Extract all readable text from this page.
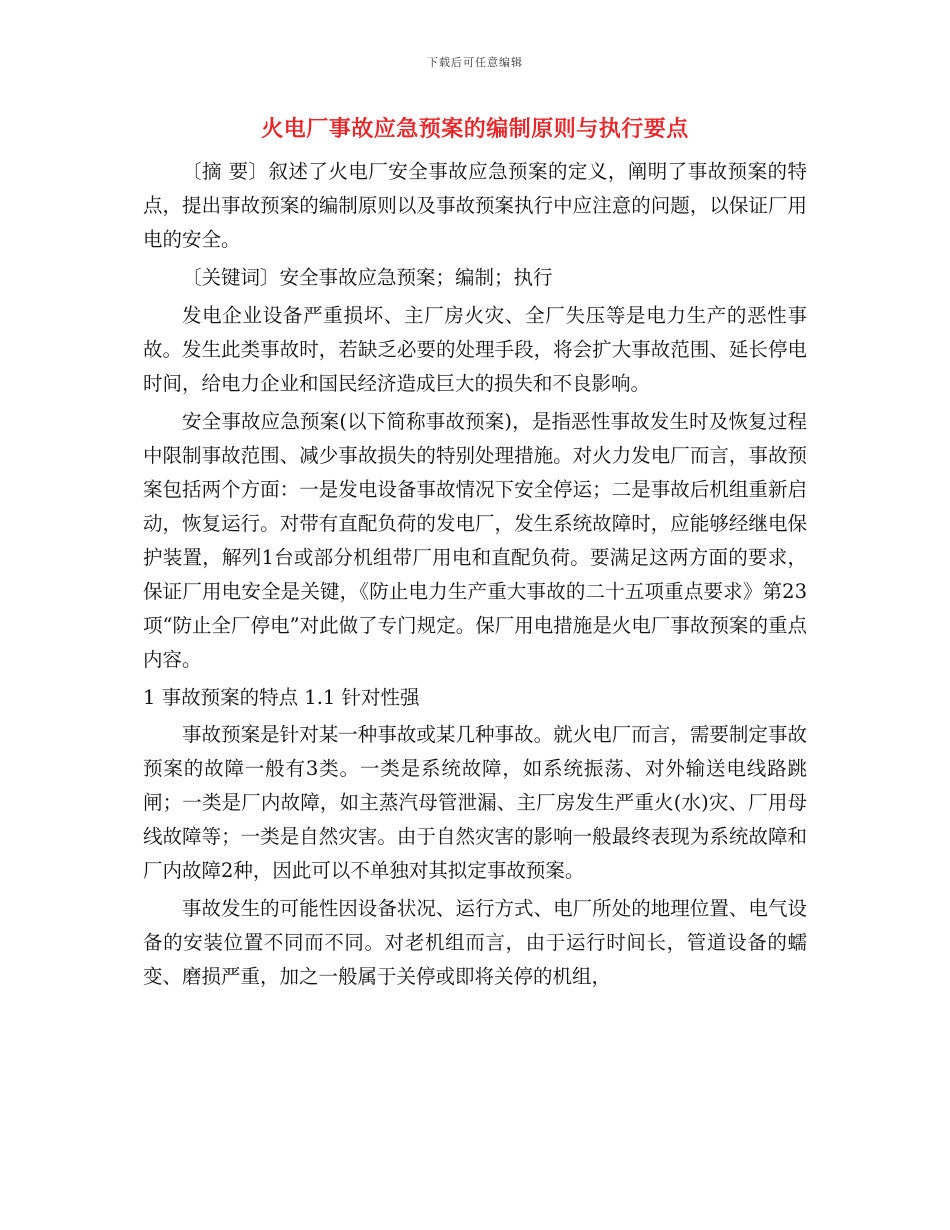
下载后可任意编辑
火电厂事故应急预案的编制原则与执行要点

〔摘 要〕叙述了火电厂安全事故应急预案的定义，阐明了事故预案的特点，提出事故预案的编制原则以及事故预案执行中应注意的问题，以保证厂用电的安全。

〔关键词〕安全事故应急预案；编制；执行

发电企业设备严重损坏、主厂房火灾、全厂失压等是电力生产的恶性事故。发生此类事故时，若缺乏必要的处理手段，将会扩大事故范围、延长停电时间，给电力企业和国民经济造成巨大的损失和不良影响。

安全事故应急预案(以下简称事故预案)，是指恶性事故发生时及恢复过程中限制事故范围、减少事故损失的特别处理措施。对火力发电厂而言，事故预案包括两个方面：一是发电设备事故情况下安全停运；二是事故后机组重新启动，恢复运行。对带有直配负荷的发电厂，发生系统故障时，应能够经继电保护装置，解列1台或部分机组带厂用电和直配负荷。要满足这两方面的要求，保证厂用电安全是关键，《防止电力生产重大事故的二十五项重点要求》第23项“防止全厂停电”对此做了专门规定。保厂用电措施是火电厂事故预案的重点内容。

1 事故预案的特点 1.1 针对性强

事故预案是针对某一种事故或某几种事故。就火电厂而言，需要制定事故预案的故障一般有3类。一类是系统故障，如系统振荡、对外输送电线路跳闸；一类是厂内故障，如主蒸汽母管泄漏、主厂房发生严重火(水)灾、厂用母线故障等；一类是自然灾害。由于自然灾害的影响一般最终表现为系统故障和厂内故障2种，因此可以不单独对其拟定事故预案。

事故发生的可能性因设备状况、运行方式、电厂所处的地理位置、电气设备的安装位置不同而不同。对老机组而言，由于运行时间长，管道设备的蠕变、磨损严重，加之一般属于关停或即将关停的机组，
